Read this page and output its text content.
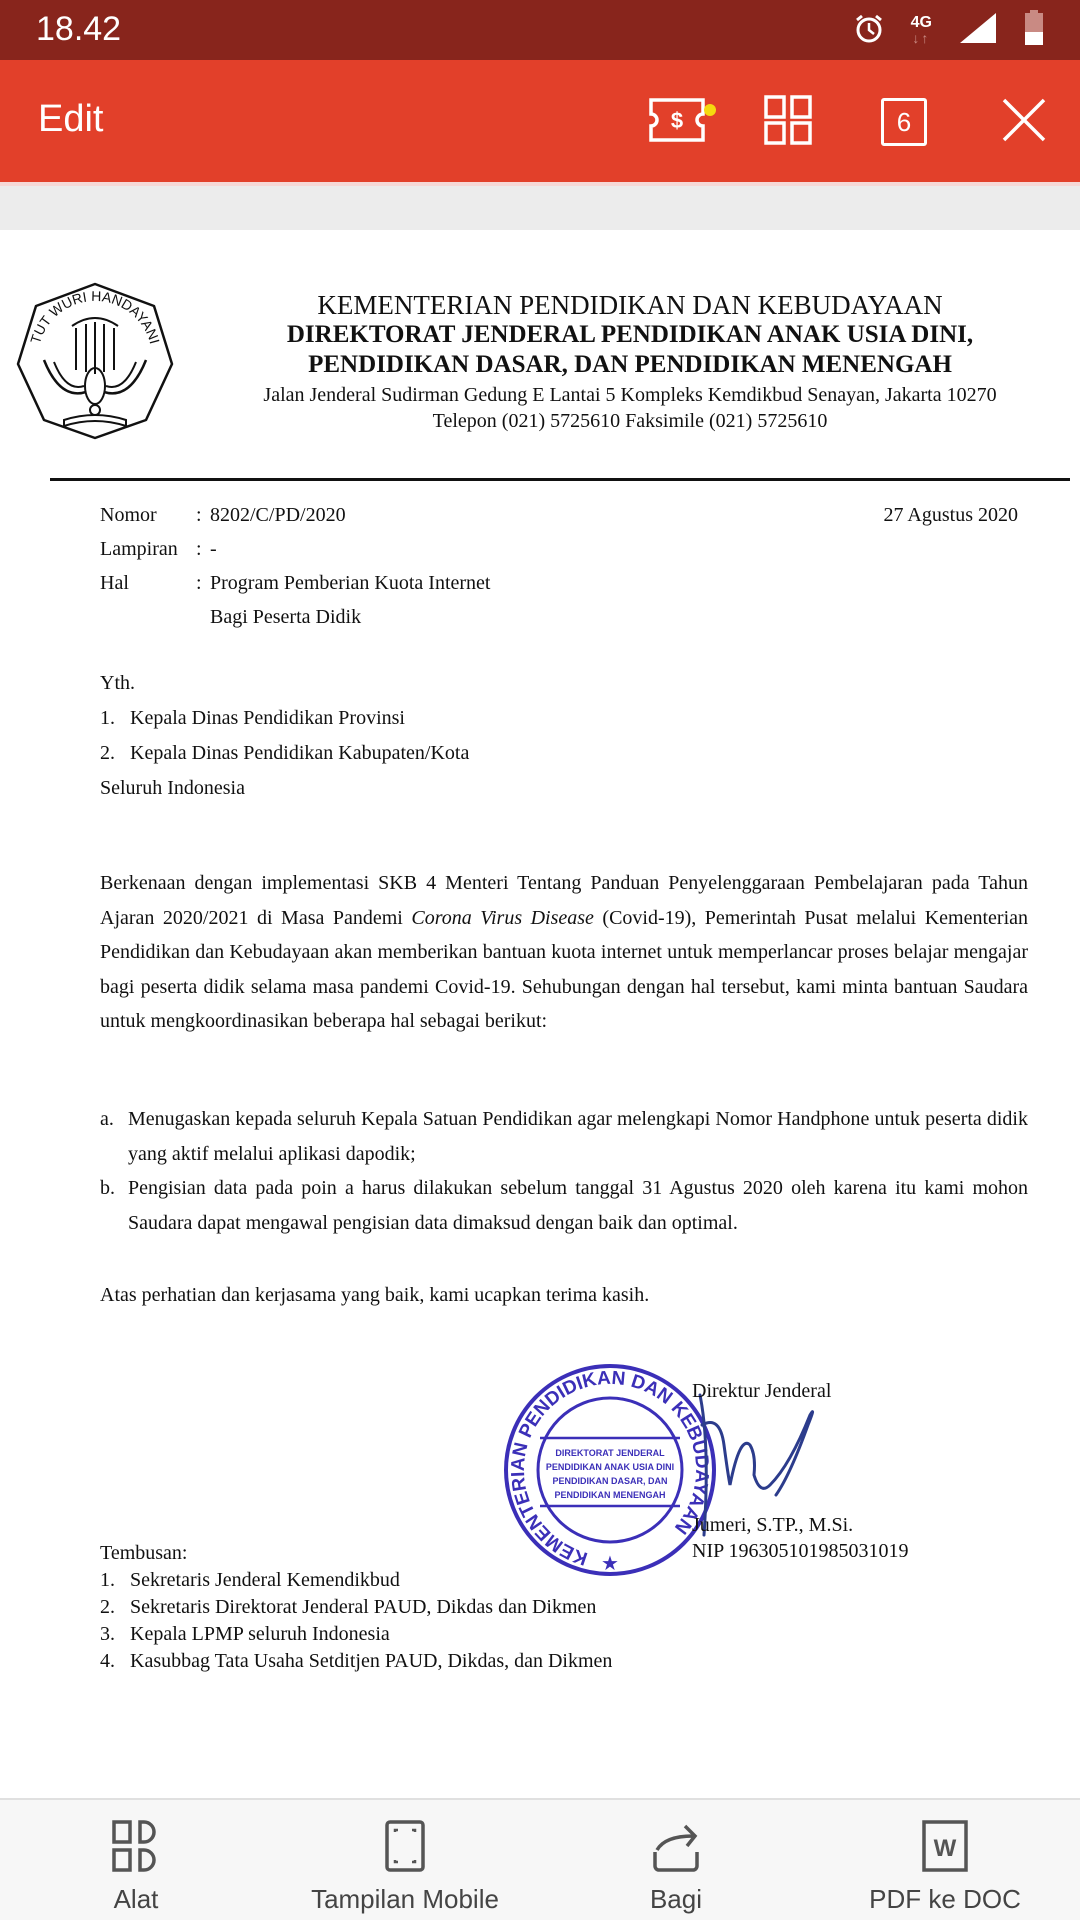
18.42	4G
↓↑
Edit	$	6
TUT WURI HANDAYANI
KEMENTERIAN PENDIDIKAN DAN KEBUDAYAAN
DIREKTORAT JENDERAL PENDIDIKAN ANAK USIA DINI,
PENDIDIKAN DASAR, DAN PENDIDIKAN MENENGAH
Jalan Jenderal Sudirman Gedung E Lantai 5 Kompleks Kemdikbud Senayan, Jakarta 10270
Telepon (021) 5725610 Faksimile (021) 5725610
Nomor	: 8202/C/PD/2020
Lampiran : -
Hal	: Program Pemberian Kuota Internet
Bagi Peserta Didik
27 Agustus 2020
Yth.
1. Kepala Dinas Pendidikan Provinsi
2. Kepala Dinas Pendidikan Kabupaten/Kota
Seluruh Indonesia
Berkenaan dengan implementasi SKB 4 Menteri Tentang Panduan Penyelenggaraan Pembelajaran pada Tahun Ajaran 2020/2021 di Masa Pandemi Corona Virus Disease (Covid-19), Pemerintah Pusat melalui Kementerian Pendidikan dan Kebudayaan akan memberikan bantuan kuota internet untuk memperlancar proses belajar mengajar bagi peserta didik selama masa pandemi Covid-19. Sehubungan dengan hal tersebut, kami minta bantuan Saudara untuk mengkoordinasikan beberapa hal sebagai berikut:
a. Menugaskan kepada seluruh Kepala Satuan Pendidikan agar melengkapi Nomor Handphone untuk peserta didik yang aktif melalui aplikasi dapodik;
b. Pengisian data pada poin a harus dilakukan sebelum tanggal 31 Agustus 2020 oleh karena itu kami mohon Saudara dapat mengawal pengisian data dimaksud dengan baik dan optimal.
Atas perhatian dan kerjasama yang baik, kami ucapkan terima kasih.
KEMENTERIAN PENDIDIKAN DAN KEBUDAYAAN
DIREKTORAT JENDERAL
PENDIDIKAN ANAK USIA DINI
PENDIDIKAN DASAR, DAN
PENDIDIKAN MENENGAH
★
Direktur Jenderal
Jumeri, S.TP., M.Si.
NIP 196305101985031019
Tembusan:
1. Sekretaris Jenderal Kemendikbud
2. Sekretaris Direktorat Jenderal PAUD, Dikdas dan Dikmen
3. Kepala LPMP seluruh Indonesia
4. Kasubbag Tata Usaha Setditjen PAUD, Dikdas, dan Dikmen
Alat	Tampilan Mobile	Bagi
W
PDF ke DOC
